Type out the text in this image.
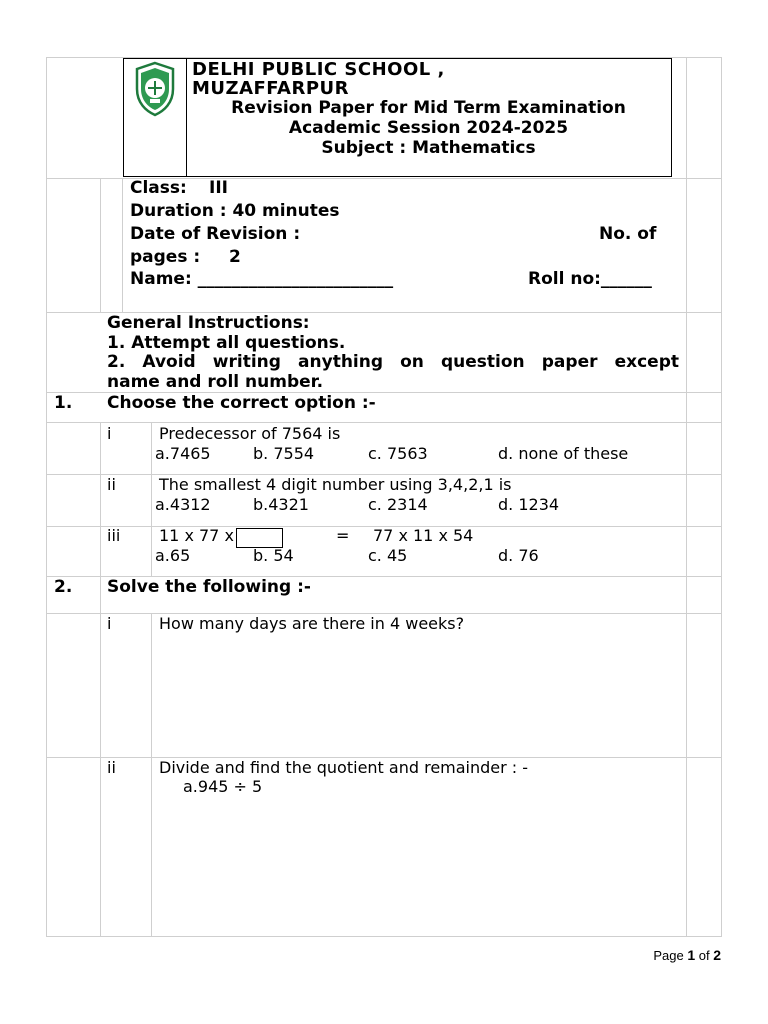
DELHI PUBLIC SCHOOL ,
MUZAFFARPUR
Revision Paper for Mid Term Examination
Academic Session 2024-2025
Subject : Mathematics
Class: III
Duration : 40 minutes
Date of Revision :	No. of
pages : 2
Name: _______________________	Roll no:______
General Instructions:
1. Attempt all questions.
2. Avoid writing anything on question paper except
name and roll number.
1. Choose the correct option :-
i	Predecessor of 7564 is
a.7465	b. 7554	c. 7563	d. none of these
ii	The smallest 4 digit number using 3,4,2,1 is
a.4312	b.4321	c. 2314	d. 1234
iii 11 x 77 x	= 77 x 11 x 54
a.65	b. 54	c. 45	d. 76
2. Solve the following :-
i	How many days are there in 4 weeks?
ii	Divide and find the quotient and remainder : -
a.945 ÷ 5
Page 1 of 2
